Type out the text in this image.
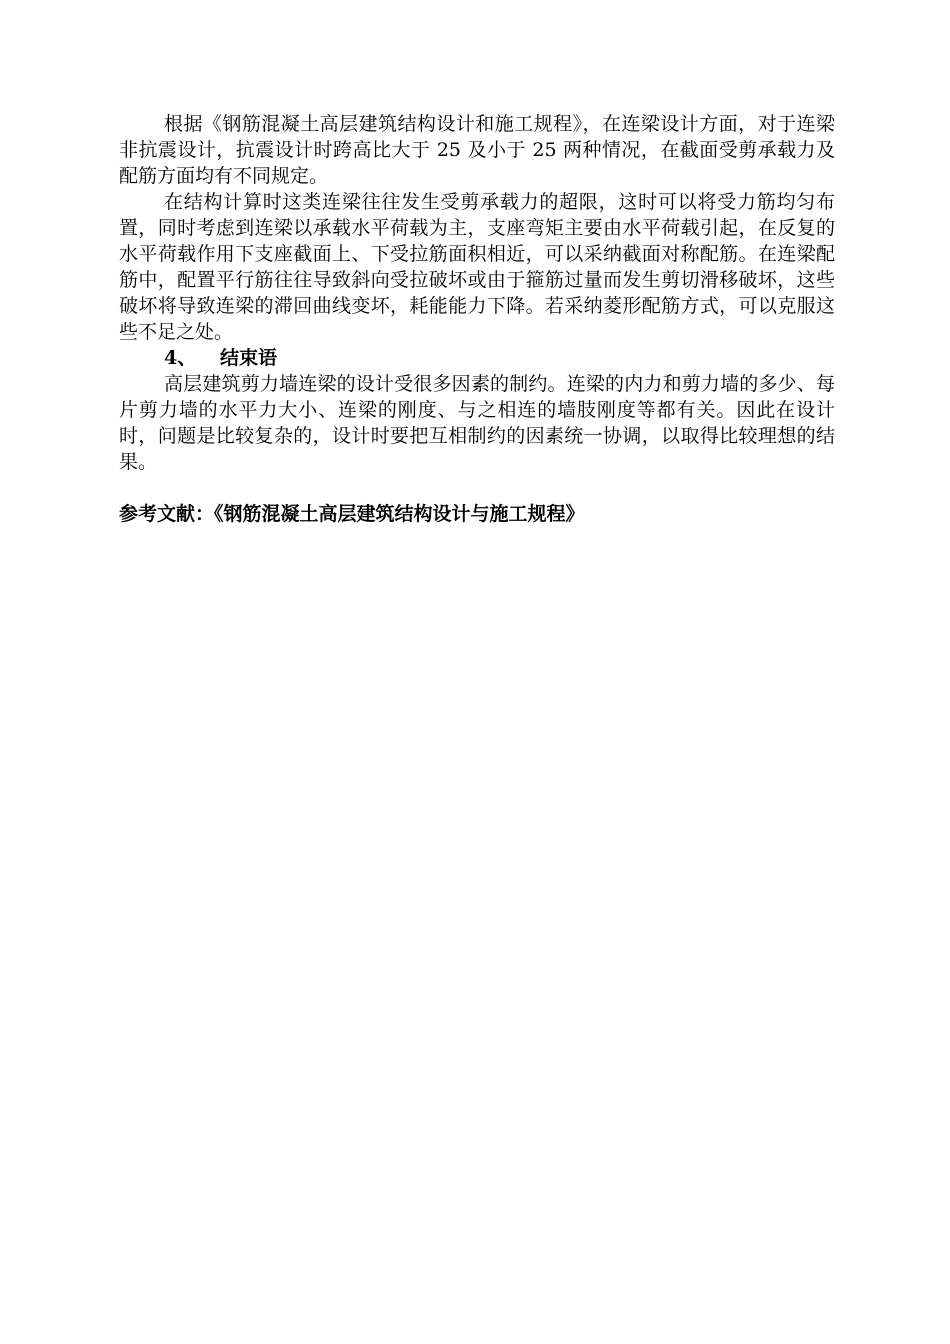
根据《钢筋混凝土高层建筑结构设计和施工规程》，在连梁设计方面，对于连梁非抗震设计，抗震设计时跨高比大于 25 及小于 25 两种情况，在截面受剪承载力及配筋方面均有不同规定。

在结构计算时这类连梁往往发生受剪承载力的超限，这时可以将受力筋均匀布置，同时考虑到连梁以承载水平荷载为主，支座弯矩主要由水平荷载引起，在反复的水平荷载作用下支座截面上、下受拉筋面积相近，可以采纳截面对称配筋。在连梁配筋中，配置平行筋往往导致斜向受拉破坏或由于箍筋过量而发生剪切滑移破坏，这些破坏将导致连梁的滞回曲线变坏，耗能能力下降。若采纳菱形配筋方式，可以克服这些不足之处。

4、 结束语

高层建筑剪力墙连梁的设计受很多因素的制约。连梁的内力和剪力墙的多少、每片剪力墙的水平力大小、连梁的刚度、与之相连的墙肢刚度等都有关。因此在设计时，问题是比较复杂的，设计时要把互相制约的因素统一协调，以取得比较理想的结果。

参考文献：《钢筋混凝土高层建筑结构设计与施工规程》
